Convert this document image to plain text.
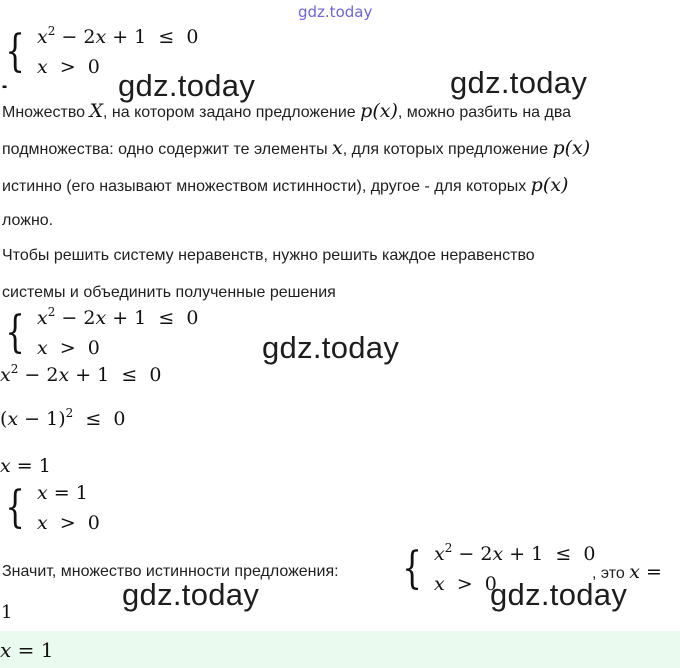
gdz.today
{ $x^2 - 2x + 1 \le 0$
x  >  0
▪▪	gdz.today	gdz.today
Множество X, на котором задано предложение p(x), можно разбить на два
подмножества: одно содержит те элементы x, для которых предложение p(x)
истинно (его называют множеством истинности), другое - для которых p(x)
ложно.
Чтобы решить систему неравенств, нужно решить каждое неравенство
системы и объединить полученные решения
{ $x^2 - 2x + 1 \le 0$
x  >  0	gdz.today
$x^2 - 2x + 1 \le 0$
$(x - 1)^2 \le 0$
x = 1
{ x = 1
x  >  0
Значит, множество истинности предложения: { $x^2 - 2x + 1 \le 0$
x  >  0	, это x =
1
gdz.today	gdz.today
x = 1
